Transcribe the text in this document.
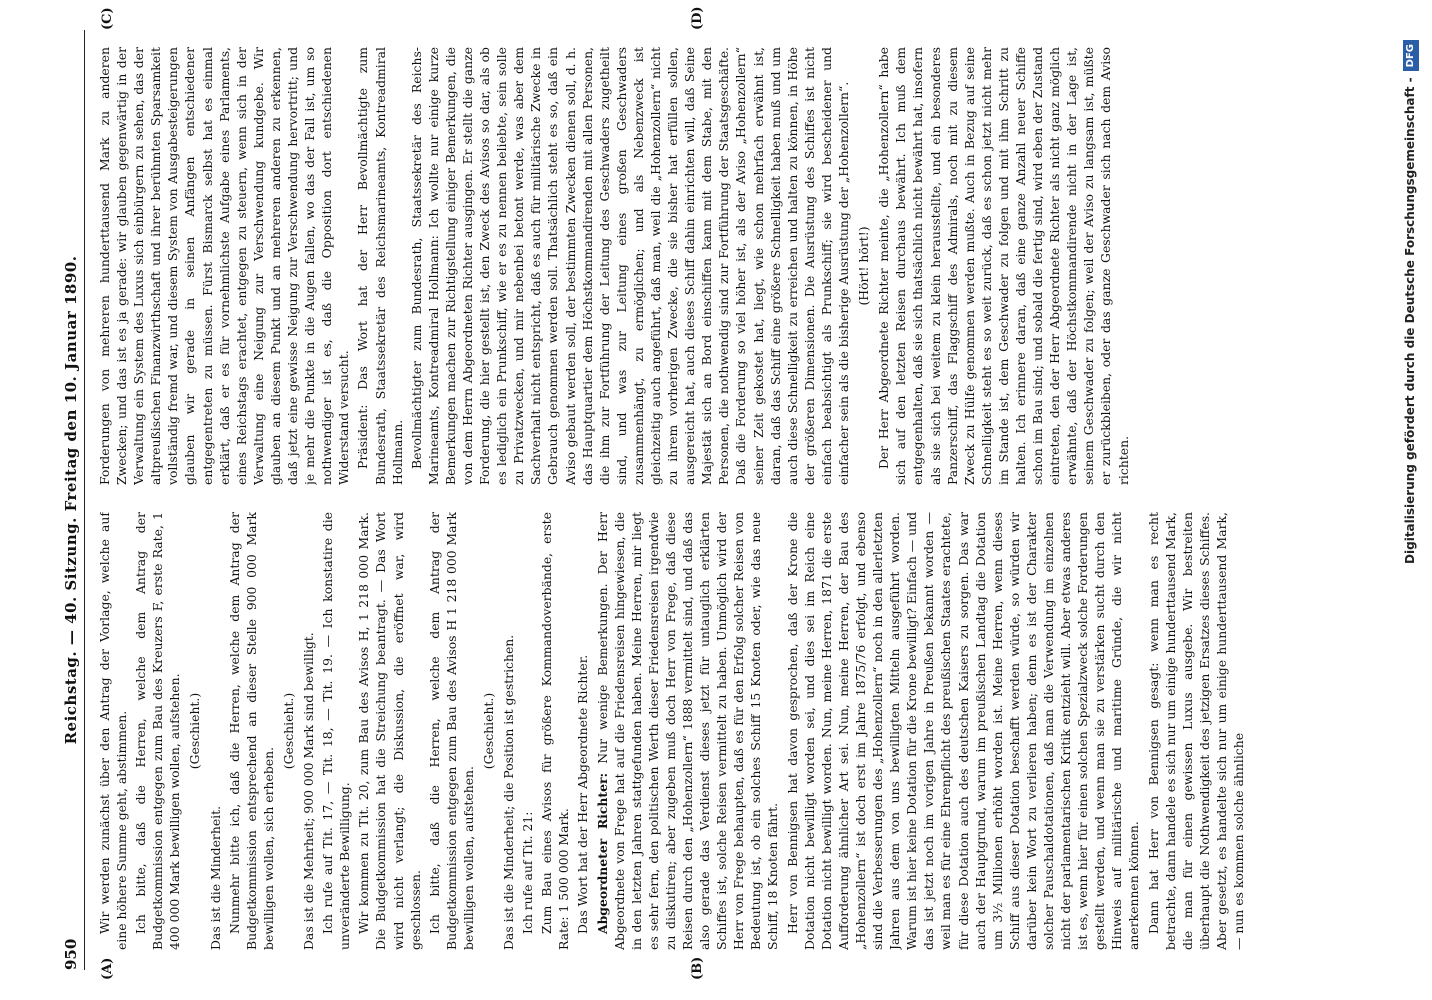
950
Reichstag. — 40. Sitzung. Freitag den 10. Januar 1890.
(A)	(B)
(C)	(D)

Wir werden zunächst über den Antrag der Vorlage, welche auf eine höhere Summe geht, abstimmen. Ich bitte, daß die Herren, welche dem Antrag der Budgetkommission entgegen zum Bau des Kreuzers F, erste Rate, 1 400 000 Mark bewilligen wollen, aufstehen. (Geschieht.)

Das ist die Minderheit. Nunmehr bitte ich, daß die Herren, welche dem Antrag der Budgetkommission entsprechend an dieser Stelle 900 000 Mark bewilligen wollen, sich erheben.

(Geschieht.) Das ist die Mehrheit; 900 000 Mark sind bewilligt. Ich rufe auf Tit. 17, — Tit. 18, — Tit. 19. — Ich konstatire die unveränderte Bewilligung. Wir kommen zu Tit. 20, zum Bau des Avisos H, 1 218 000 Mark. Die Budgetkommission hat die Streichung beantragt. — Das Wort wird nicht verlangt; die Diskussion, die eröffnet war, wird geschlossen. Ich bitte, daß die Herren, welche dem Antrag der Budgetkommission entgegen zum Bau des Avisos H 1 218 000 Mark bewilligen wollen, aufstehen.

(Geschieht.) Das ist die Minderheit; die Position ist gestrichen. Ich rufe auf Tit. 21: Zum Bau eines Avisos für größere Kommandoverbände, erste Rate: 1 500 000 Mark. Das Wort hat der Herr Abgeordnete Richter. Abgeordneter Richter: Nur wenige Bemerkungen. Der Herr Abgeordnete von Frege hat auf die Friedensreisen hingewiesen, die in den letzten Jahren stattgefunden haben. Meine Herren, mir liegt es sehr fern, den politischen Werth dieser Friedensreisen irgendwie zu diskutiren; aber zugeben muß doch Herr von Frege, daß diese Reisen durch den „Hohenzollern“ 1888 vermittelt sind, und daß das also gerade das Verdienst dieses jetzt für untauglich erklärten Schiffes ist, solche Reisen vermittelt zu haben. Unmöglich wird der Herr von Frege behaupten, daß es für den Erfolg solcher Reisen von Bedeutung ist, ob ein solches Schiff 15 Knoten oder, wie das neue Schiff, 18 Knoten fährt. Herr von Bennigsen hat davon gesprochen, daß der Krone die Dotation nicht bewilligt worden sei, und dies sei im Reich eine Dotation nicht bewilligt worden. Nun, meine Herren, 1871 die erste Aufforderung ähnlicher Art sei. Nun, meine Herren, der Bau des „Hohenzollern“ ist doch erst im Jahre 1875/76 erfolgt, und ebenso sind die Verbesserungen des „Hohenzollern“ noch in den allerletzten Jahren aus dem von uns bewilligten Mitteln ausgeführt worden. Warum ist hier keine Dotation für die Krone bewilligt? Einfach — und das ist jetzt noch im vorigen Jahre in Preußen bekannt worden — weil man es für eine Ehrenpflicht des preußischen Staates erachtete, für diese Dotation auch des deutschen Kaisers zu sorgen. Das war auch der Hauptgrund, warum im preußischen Landtag die Dotation um 3½ Millionen erhöht worden ist. Meine Herren, wenn dieses Schiff aus dieser Dotation beschafft werden würde, so würden wir darüber kein Wort zu verlieren haben; denn es ist der Charakter solcher Pauschaldotationen, daß man die Verwendung im einzelnen nicht der parlamentarischen Kritik entzieht will. Aber etwas anderes ist es, wenn hier für einen solchen Spezialzweck solche Forderungen gestellt werden, und wenn man sie zu verstärken sucht durch den Hinweis auf militärische und maritime Gründe, die wir nicht anerkennen können. Dann hat Herr von Bennigsen gesagt: wenn man es recht betrachte, dann handele es sich nur um einige hunderttausend Mark, die man für einen gewissen Luxus ausgebe. Wir bestreiten überhaupt die Nothwendigkeit des jetzigen Ersatzes dieses Schiffes. Aber gesetzt, es handelte sich nur um einige hunderttausend Mark, — nun es kommen solche ähnliche

Forderungen von mehreren hunderttausend Mark zu anderen Zwecken; und das ist es ja gerade: wir glauben gegenwärtig in der Verwaltung ein System des Luxus sich einbürgern zu sehen, das der altpreußischen Finanzwirthschaft und ihrer berühmten Sparsamkeit vollständig fremd war, und diesem System von Ausgabesteigerungen glauben wir gerade in seinen Anfängen entschiedener entgegentreten zu müssen. Fürst Bismarck selbst hat es einmal erklärt, daß er es für vornehmlichste Aufgabe eines Parlaments, eines Reichstags erachtet, entgegen zu steuern, wenn sich in der Verwaltung eine Neigung zur Verschwendung kundgebe. Wir glauben an diesem Punkt und an mehreren anderen zu erkennen, daß jetzt eine gewisse Neigung zur Verschwendung hervortritt; und je mehr die Punkte in die Augen fallen, wo das der Fall ist, um so nothwendiger ist es, daß die Opposition dort entschiedenen Widerstand versucht. Präsident: Das Wort hat der Herr Bevollmächtigte zum Bundesrath, Staatssekretär des Reichsmarineamts, Kontreadmiral Hollmann. Bevollmächtigter zum Bundesrath, Staatssekretär des Reichs-Marineamts, Kontreadmiral Hollmann: Ich wollte nur einige kurze Bemerkungen machen zur Richtigstellung einiger Bemerkungen, die von dem Herrn Abgeordneten Richter ausgingen. Er stellt die ganze Forderung, die hier gestellt ist, den Zweck des Avisos so dar, als ob es lediglich ein Prunkschiff, wie er es zu nennen beliebte, sein solle zu Privatzwecken, und mir nebenbei betont werde, was aber dem Sachverhalt nicht entspricht, daß es auch für militärische Zwecke in Gebrauch genommen werden soll. Thatsächlich steht es so, daß ein Aviso gebaut werden soll, der bestimmten Zwecken dienen soll, d. h. das Hauptquartier dem Höchstkommandirenden mit allen Personen, die ihm zur Fortführung der Leitung des Geschwaders zugetheilt sind, und was zur Leitung eines großen Geschwaders zusammenhängt, zu ermöglichen; und als Nebenzweck ist gleichzeitig auch angeführt, daß man, weil die „Hohenzollern“ nicht zu ihrem vorherigen Zwecke, die sie bisher hat erfüllen sollen, ausgereicht hat, auch dieses Schiff dahin einrichten will, daß Seine Majestät sich an Bord einschiffen kann mit dem Stabe, mit den Personen, die nothwendig sind zur Fortführung der Staatsgeschäfte. Daß die Forderung so viel höher ist, als der Aviso „Hohenzollern“ seiner Zeit gekostet hat, liegt, wie schon mehrfach erwähnt ist, daran, daß das Schiff eine größere Schnelligkeit haben muß und um auch diese Schnelligkeit zu erreichen und halten zu können, in Höhe der größeren Dimensionen. Die Ausrüstung des Schiffes ist nicht einfach beabsichtigt als Prunkschiff; sie wird bescheidener und einfacher sein als die bisherige Ausrüstung der „Hohenzollern“. (Hört! hört!) Der Herr Abgeordnete Richter meinte, die „Hohenzollern“ habe sich auf den letzten Reisen durchaus bewährt. Ich muß dem entgegenhalten, daß sie sich thatsächlich nicht bewährt hat, insofern als sie sich bei weitem zu klein herausstellte, und ein besonderes Panzerschiff, das Flaggschiff des Admirals, noch mit zu diesem Zweck zu Hülfe genommen werden mußte. Auch in Bezug auf seine Schnelligkeit steht es so weit zurück, daß es schon jetzt nicht mehr im Stande ist, dem Geschwader zu folgen und mit ihm Schritt zu halten. Ich erinnere daran, daß eine ganze Anzahl neuer Schiffe schon im Bau sind; und sobald die fertig sind, wird eben der Zustand eintreten, den der Herr Abgeordnete Richter als nicht ganz möglich erwähnte, daß der Höchstkommandirende nicht in der Lage ist, seinem Geschwader zu folgen; weil der Aviso zu langsam ist, müßte er zurückbleiben, oder das ganze Geschwader sich nach dem Aviso richten.	Digitalisierung gefördert durch die Deutsche Forschungsgemeinschaft -DFG
